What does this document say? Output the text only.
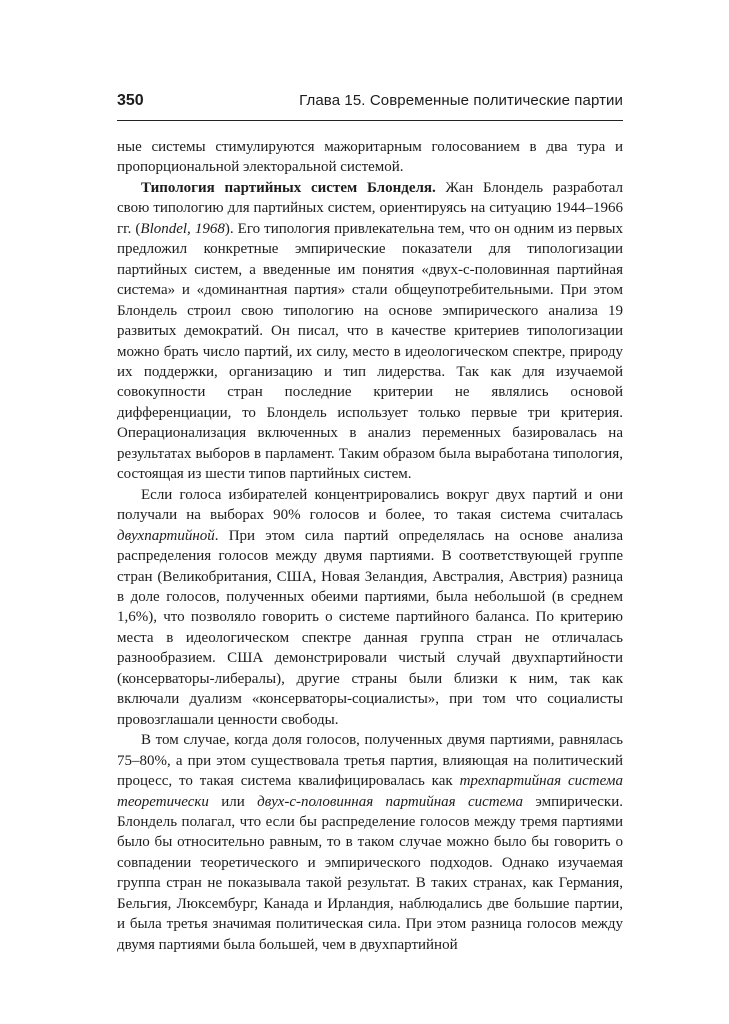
350	Глава 15. Современные политические партии

ные системы стимулируются мажоритарным голосованием в два тура и пропорциональной электоральной системой.

Типология партийных систем Блонделя. Жан Блондель разработал свою типологию для партийных систем, ориентируясь на ситуацию 1944–1966 гг. (Blondel, 1968). Его типология привлекательна тем, что он одним из первых предложил конкретные эмпирические показатели для типологизации партийных систем, а введенные им понятия «двух-с-половинная партийная система» и «доминантная партия» стали общеупотребительными. При этом Блондель строил свою типологию на основе эмпирического анализа 19 развитых демократий. Он писал, что в качестве критериев типологизации можно брать число партий, их силу, место в идеологическом спектре, природу их поддержки, организацию и тип лидерства. Так как для изучаемой совокупности стран последние критерии не являлись основой дифференциации, то Блондель использует только первые три критерия. Операционализация включенных в анализ переменных базировалась на результатах выборов в парламент. Таким образом была выработана типология, состоящая из шести типов партийных систем.

Если голоса избирателей концентрировались вокруг двух партий и они получали на выборах 90% голосов и более, то такая система считалась двухпартийной. При этом сила партий определялась на основе анализа распределения голосов между двумя партиями. В соответствующей группе стран (Великобритания, США, Новая Зеландия, Австралия, Австрия) разница в доле голосов, полученных обеими партиями, была небольшой (в среднем 1,6%), что позволяло говорить о системе партийного баланса. По критерию места в идеологическом спектре данная группа стран не отличалась разнообразием. США демонстрировали чистый случай двухпартийности (консерваторы-либералы), другие страны были близки к ним, так как включали дуализм «консерваторы-социалисты», при том что социалисты провозглашали ценности свободы.

В том случае, когда доля голосов, полученных двумя партиями, равнялась 75–80%, а при этом существовала третья партия, влияющая на политический процесс, то такая система квалифицировалась как трехпартийная система теоретически или двух-с-половинная партийная система эмпирически. Блондель полагал, что если бы распределение голосов между тремя партиями было бы относительно равным, то в таком случае можно было бы говорить о совпадении теоретического и эмпирического подходов. Однако изучаемая группа стран не показывала такой результат. В таких странах, как Германия, Бельгия, Люксембург, Канада и Ирландия, наблюдались две большие партии, и была третья значимая политическая сила. При этом разница голосов между двумя партиями была большей, чем в двухпартийной
